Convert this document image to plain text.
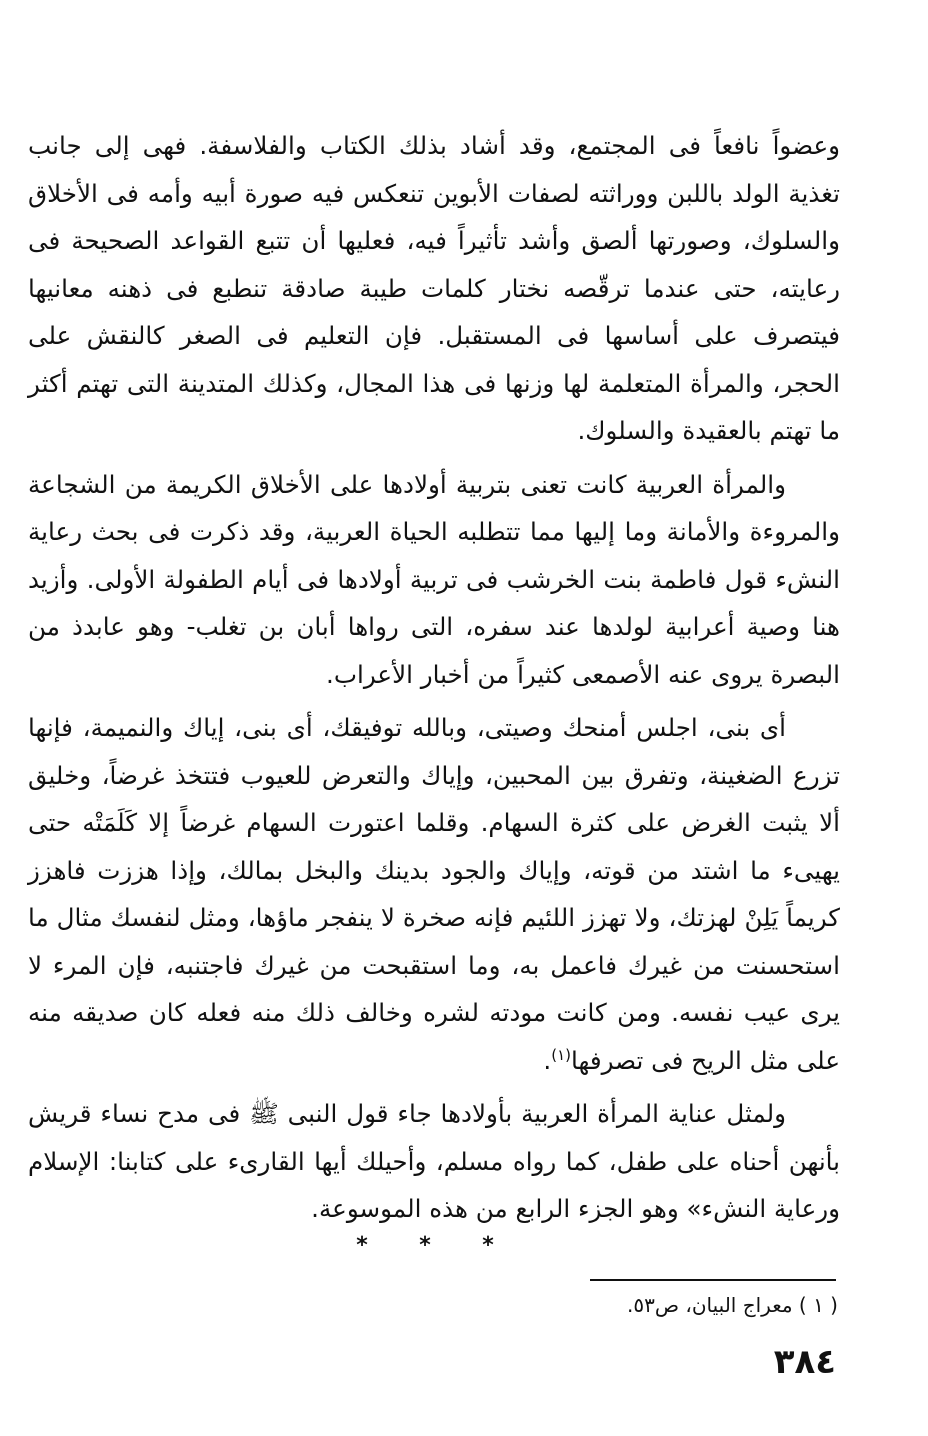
وعضواً نافعاً فى المجتمع، وقد أشاد بذلك الكتاب والفلاسفة. فهى إلى جانب تغذية الولد باللبن ووراثته لصفات الأبوين تنعكس فيه صورة أبيه وأمه فى الأخلاق والسلوك، وصورتها ألصق وأشد تأثيراً فيه، فعليها أن تتبع القواعد الصحيحة فى رعايته، حتى عندما ترقّصه نختار كلمات طيبة صادقة تنطبع فى ذهنه معانيها فيتصرف على أساسها فى المستقبل. فإن التعليم فى الصغر كالنقش على الحجر، والمرأة المتعلمة لها وزنها فى هذا المجال، وكذلك المتدينة التى تهتم أكثر ما تهتم بالعقيدة والسلوك.

والمرأة العربية كانت تعنى بتربية أولادها على الأخلاق الكريمة من الشجاعة والمروءة والأمانة وما إليها مما تتطلبه الحياة العربية، وقد ذكرت فى بحث رعاية النشء قول فاطمة بنت الخرشب فى تربية أولادها فى أيام الطفولة الأولى. وأزيد هنا وصية أعرابية لولدها عند سفره، التى رواها أبان بن تغلب- وهو عابدذ من البصرة يروى عنه الأصمعى كثيراً من أخبار الأعراب.

أى بنى، اجلس أمنحك وصيتى، وبالله توفيقك، أى بنى، إياك والنميمة، فإنها تزرع الضغينة، وتفرق بين المحبين، وإياك والتعرض للعيوب فتتخذ غرضاً، وخليق ألا يثبت الغرض على كثرة السهام. وقلما اعتورت السهام غرضاً إلا كَلَمَتْه حتى يهيىء ما اشتد من قوته، وإياك والجود بدينك والبخل بمالك، وإذا هززت فاهزز كريماً يَلِنْ لهزتك، ولا تهزز اللئيم فإنه صخرة لا ينفجر ماؤها، ومثل لنفسك مثال ما استحسنت من غيرك فاعمل به، وما استقبحت من غيرك فاجتنبه، فإن المرء لا يرى عيب نفسه. ومن كانت مودته لشره وخالف ذلك منه فعله كان صديقه منه على مثل الريح فى تصرفها$^{(١)}$.

ولمثل عناية المرأة العربية بأولادها جاء قول النبى ﷺ فى مدح نساء قريش بأنهن أحناه على طفل، كما رواه مسلم، وأحيلك أيها القارىء على كتابنا: الإسلام ورعاية النشء» وهو الجزء الرابع من هذه الموسوعة.

* * *
( ١ ) معراج البيان، ص٥٣.
٣٨٤
